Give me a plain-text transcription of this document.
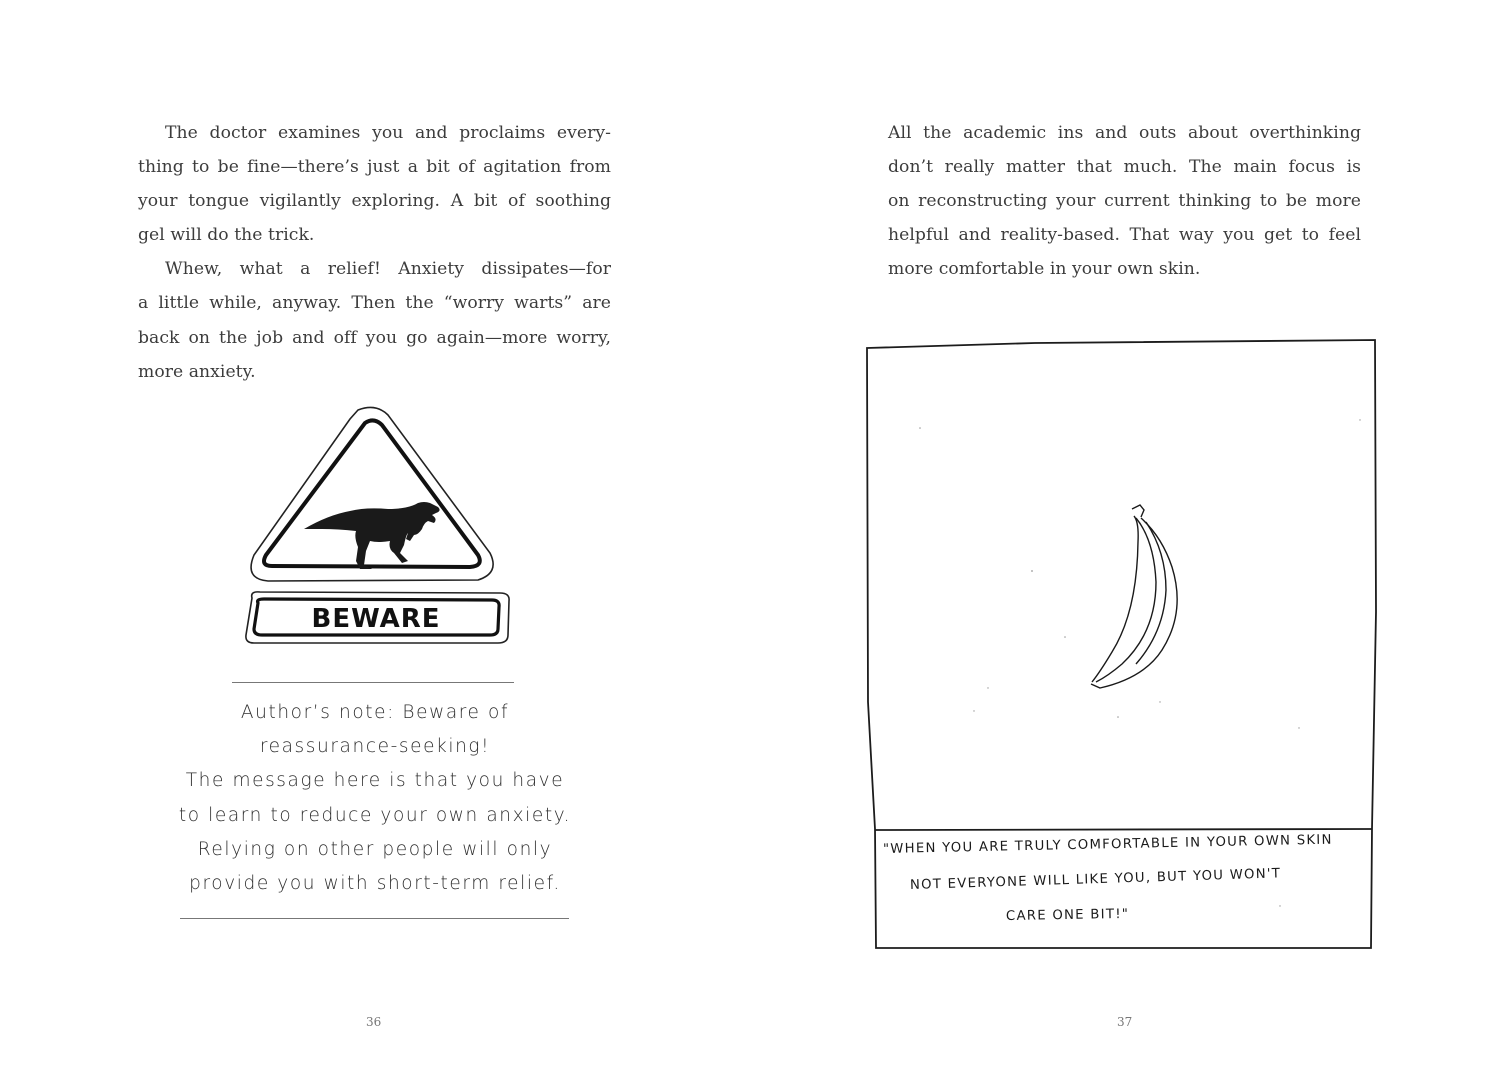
The doctor examines you and proclaims every-
thing to be fine—there’s just a bit of agitation from
your tongue vigilantly exploring. A bit of soothing
gel will do the trick.

Whew, what a relief! Anxiety dissipates—for
a little while, anyway. Then the “worry warts” are
back on the job and off you go again—more worry,
more anxiety.

BEWARE
Author’s note: Beware of
reassurance-seeking!
The message here is that you have
to learn to reduce your own anxiety.
Relying on other people will only
provide you with short-term relief.
36

All the academic ins and outs about overthinking
don’t really matter that much. The main focus is
on reconstructing your current thinking to be more
helpful and reality-based. That way you get to feel
more comfortable in your own skin.

"WHEN YOU ARE TRULY COMFORTABLE IN YOUR OWN SKIN
NOT EVERYONE WILL LIKE YOU, BUT YOU WON'T
CARE ONE BIT!"
37
